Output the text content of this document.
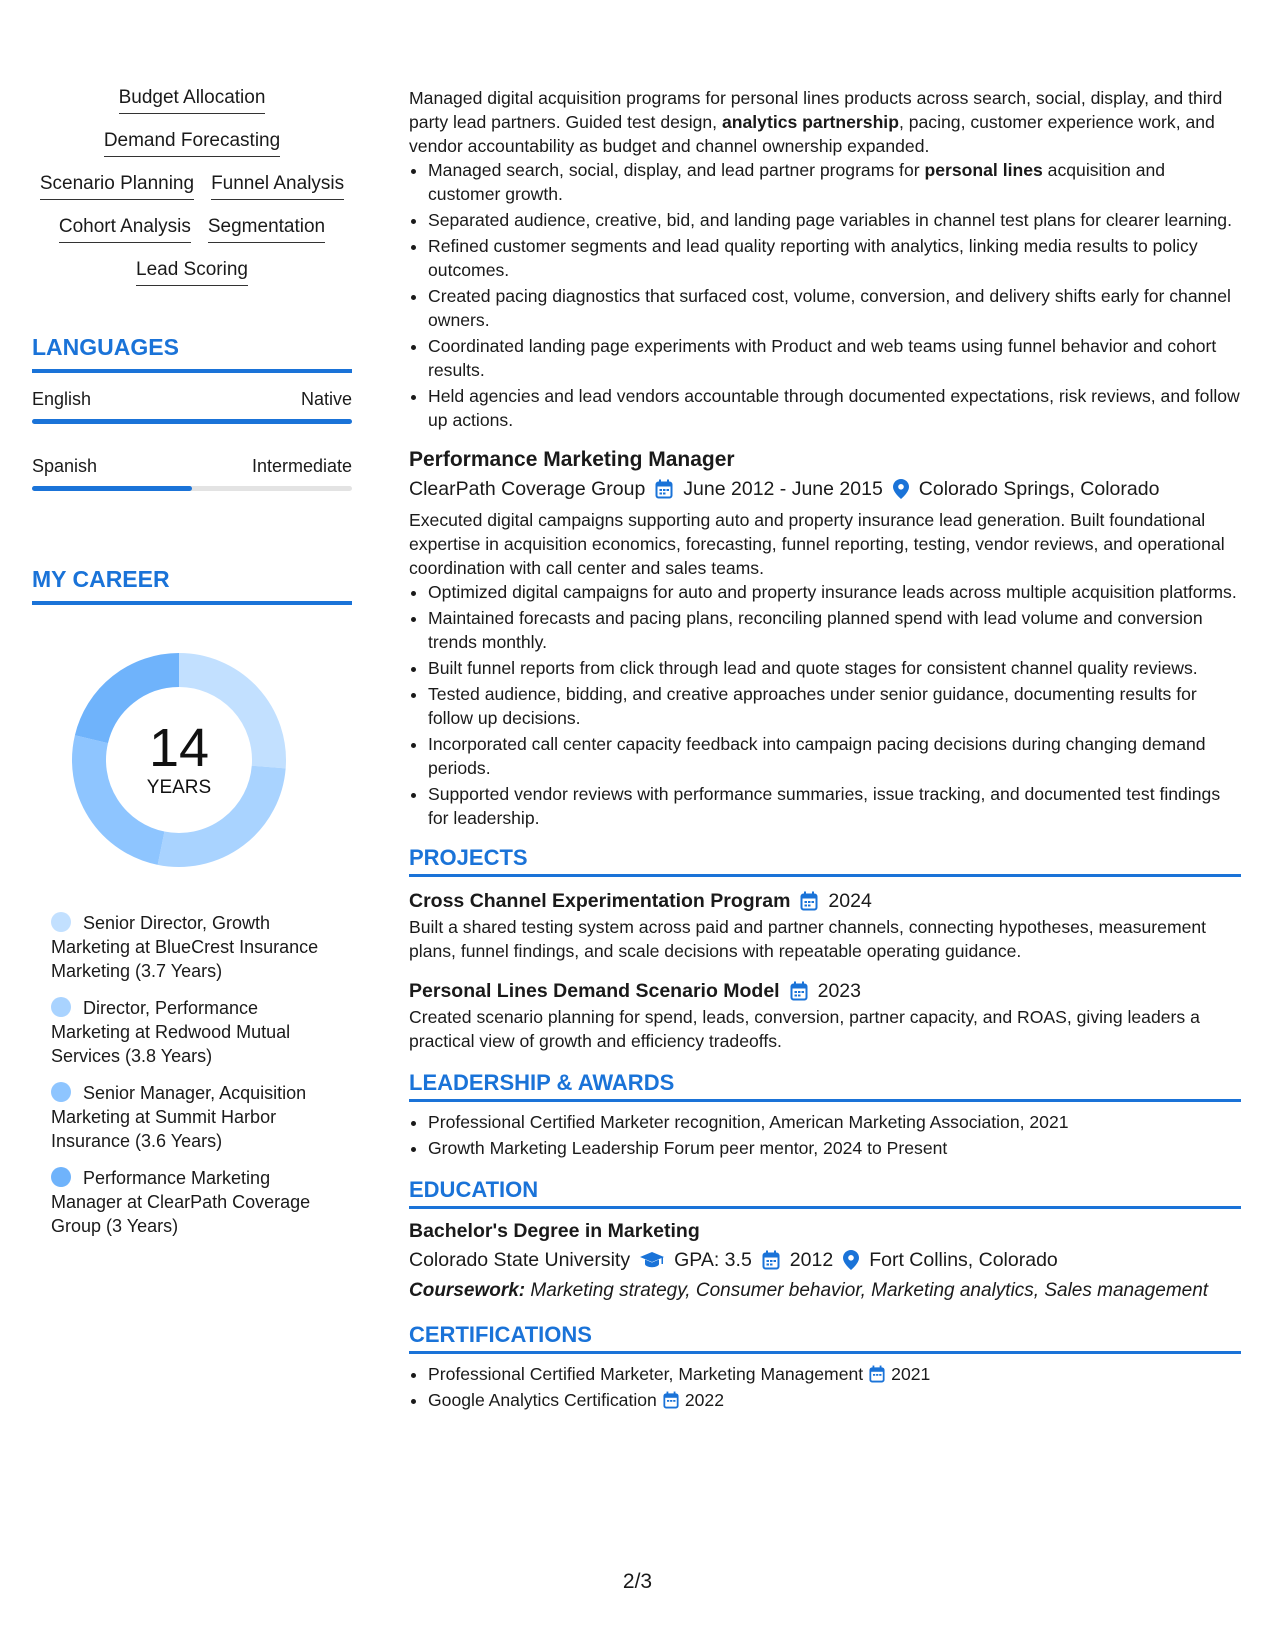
Budget Allocation
Demand Forecasting
Scenario Planning Funnel Analysis
Cohort Analysis Segmentation
Lead Scoring
LANGUAGES
English	Native
Spanish	Intermediate
MY CAREER
14
YEARS
Senior Director, Growth Marketing at BlueCrest Insurance Marketing (3.7 Years)
Director, Performance Marketing at Redwood Mutual Services (3.8 Years)
Senior Manager, Acquisition Marketing at Summit Harbor Insurance (3.6 Years)
Performance Marketing Manager at ClearPath Coverage Group (3 Years)
Managed digital acquisition programs for personal lines products across search, social, display, and third party lead partners. Guided test design, analytics partnership, pacing, customer experience work, and vendor accountability as budget and channel ownership expanded.
• Managed search, social, display, and lead partner programs for personal lines acquisition and customer growth.
• Separated audience, creative, bid, and landing page variables in channel test plans for clearer learning.
• Refined customer segments and lead quality reporting with analytics, linking media results to policy outcomes.
• Created pacing diagnostics that surfaced cost, volume, conversion, and delivery shifts early for channel owners.
• Coordinated landing page experiments with Product and web teams using funnel behavior and cohort results.
• Held agencies and lead vendors accountable through documented expectations, risk reviews, and follow up actions.
Performance Marketing Manager
ClearPath Coverage Group June 2012 - June 2015 Colorado Springs, Colorado
Executed digital campaigns supporting auto and property insurance lead generation. Built foundational expertise in acquisition economics, forecasting, funnel reporting, testing, vendor reviews, and operational coordination with call center and sales teams.
• Optimized digital campaigns for auto and property insurance leads across multiple acquisition platforms.
• Maintained forecasts and pacing plans, reconciling planned spend with lead volume and conversion trends monthly.
• Built funnel reports from click through lead and quote stages for consistent channel quality reviews.
• Tested audience, bidding, and creative approaches under senior guidance, documenting results for follow up decisions.
• Incorporated call center capacity feedback into campaign pacing decisions during changing demand periods.
• Supported vendor reviews with performance summaries, issue tracking, and documented test findings for leadership.
PROJECTS
Cross Channel Experimentation Program 2024
Built a shared testing system across paid and partner channels, connecting hypotheses, measurement plans, funnel findings, and scale decisions with repeatable operating guidance.
Personal Lines Demand Scenario Model 2023
Created scenario planning for spend, leads, conversion, partner capacity, and ROAS, giving leaders a practical view of growth and efficiency tradeoffs.
LEADERSHIP & AWARDS
• Professional Certified Marketer recognition, American Marketing Association, 2021
• Growth Marketing Leadership Forum peer mentor, 2024 to Present
EDUCATION
Bachelor's Degree in Marketing
Colorado State University GPA: 3.5 2012 Fort Collins, Colorado
Coursework: Marketing strategy, Consumer behavior, Marketing analytics, Sales management
CERTIFICATIONS
• Professional Certified Marketer, Marketing Management 2021
• Google Analytics Certification 2022
2/3
